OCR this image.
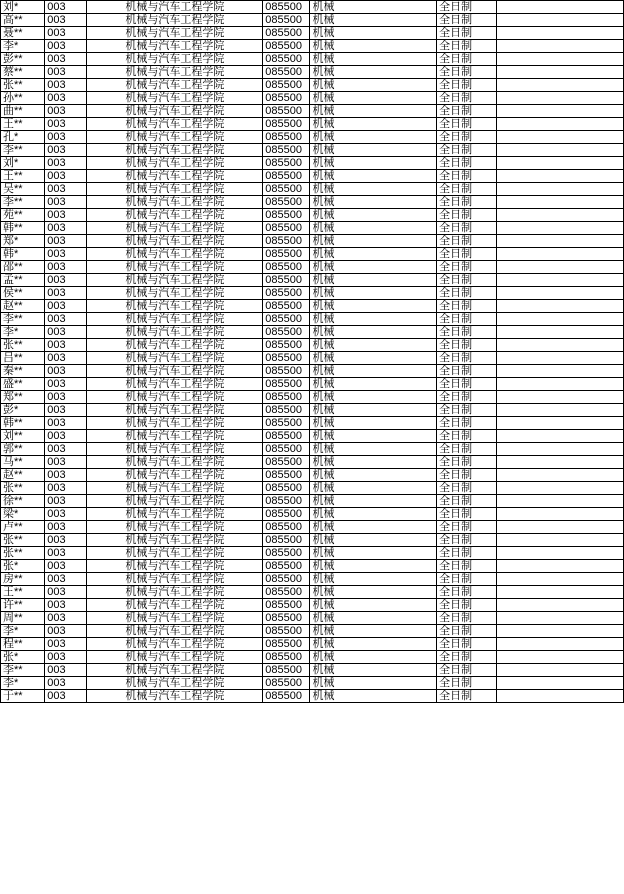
刘*	003	机械与汽车工程学院	085500	机械	全日制	
高**	003	机械与汽车工程学院	085500	机械	全日制	
聂**	003	机械与汽车工程学院	085500	机械	全日制	
李*	003	机械与汽车工程学院	085500	机械	全日制	
彭**	003	机械与汽车工程学院	085500	机械	全日制	
蔡**	003	机械与汽车工程学院	085500	机械	全日制	
张**	003	机械与汽车工程学院	085500	机械	全日制	
孙**	003	机械与汽车工程学院	085500	机械	全日制	
曲**	003	机械与汽车工程学院	085500	机械	全日制	
王**	003	机械与汽车工程学院	085500	机械	全日制	
孔*	003	机械与汽车工程学院	085500	机械	全日制	
李**	003	机械与汽车工程学院	085500	机械	全日制	
刘*	003	机械与汽车工程学院	085500	机械	全日制	
王**	003	机械与汽车工程学院	085500	机械	全日制	
吴**	003	机械与汽车工程学院	085500	机械	全日制	
李**	003	机械与汽车工程学院	085500	机械	全日制	
苑**	003	机械与汽车工程学院	085500	机械	全日制	
韩**	003	机械与汽车工程学院	085500	机械	全日制	
郑*	003	机械与汽车工程学院	085500	机械	全日制	
韩*	003	机械与汽车工程学院	085500	机械	全日制	
邵**	003	机械与汽车工程学院	085500	机械	全日制	
孟**	003	机械与汽车工程学院	085500	机械	全日制	
侯**	003	机械与汽车工程学院	085500	机械	全日制	
赵**	003	机械与汽车工程学院	085500	机械	全日制	
李**	003	机械与汽车工程学院	085500	机械	全日制	
李*	003	机械与汽车工程学院	085500	机械	全日制	
张**	003	机械与汽车工程学院	085500	机械	全日制	
吕**	003	机械与汽车工程学院	085500	机械	全日制	
秦**	003	机械与汽车工程学院	085500	机械	全日制	
盛**	003	机械与汽车工程学院	085500	机械	全日制	
郑**	003	机械与汽车工程学院	085500	机械	全日制	
彭*	003	机械与汽车工程学院	085500	机械	全日制	
韩**	003	机械与汽车工程学院	085500	机械	全日制	
刘**	003	机械与汽车工程学院	085500	机械	全日制	
郭**	003	机械与汽车工程学院	085500	机械	全日制	
马**	003	机械与汽车工程学院	085500	机械	全日制	
赵**	003	机械与汽车工程学院	085500	机械	全日制	
张**	003	机械与汽车工程学院	085500	机械	全日制	
徐**	003	机械与汽车工程学院	085500	机械	全日制	
梁*	003	机械与汽车工程学院	085500	机械	全日制	
卢**	003	机械与汽车工程学院	085500	机械	全日制	
张**	003	机械与汽车工程学院	085500	机械	全日制	
张**	003	机械与汽车工程学院	085500	机械	全日制	
张*	003	机械与汽车工程学院	085500	机械	全日制	
房**	003	机械与汽车工程学院	085500	机械	全日制	
王**	003	机械与汽车工程学院	085500	机械	全日制	
许**	003	机械与汽车工程学院	085500	机械	全日制	
周**	003	机械与汽车工程学院	085500	机械	全日制	
李*	003	机械与汽车工程学院	085500	机械	全日制	
程**	003	机械与汽车工程学院	085500	机械	全日制	
张*	003	机械与汽车工程学院	085500	机械	全日制	
李**	003	机械与汽车工程学院	085500	机械	全日制	
李*	003	机械与汽车工程学院	085500	机械	全日制	
于**	003	机械与汽车工程学院	085500	机械	全日制	
